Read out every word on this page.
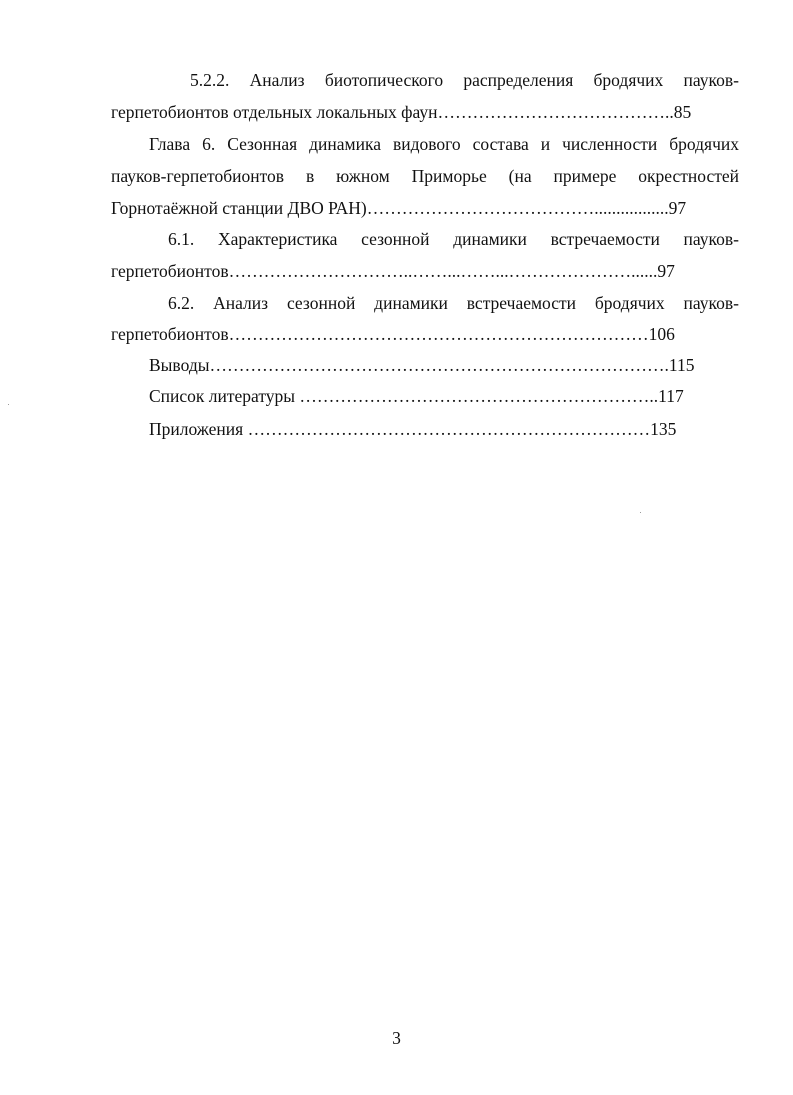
5.2.2. Анализ биотопического распределения бродячих пауков-
герпетобионтов отдельных локальных фаун…………………………………..85
Глава 6. Сезонная динамика видового состава и численности бродячих
пауков-герпетобионтов в южном Приморье (на примере окрестностей
Горнотаёжной станции ДВО РАН)………………………………….................97
6.1. Характеристика сезонной динамики встречаемости пауков-
герпетобионтов…………………………..……...……...…………………......97
6.2. Анализ сезонной динамики встречаемости бродячих пауков-
герпетобионтов………………………………………………………………106
Выводы…………………………………………………………………….115
Список литературы ……………………………………………………..117
Приложения ……………………………………………………………135
3
